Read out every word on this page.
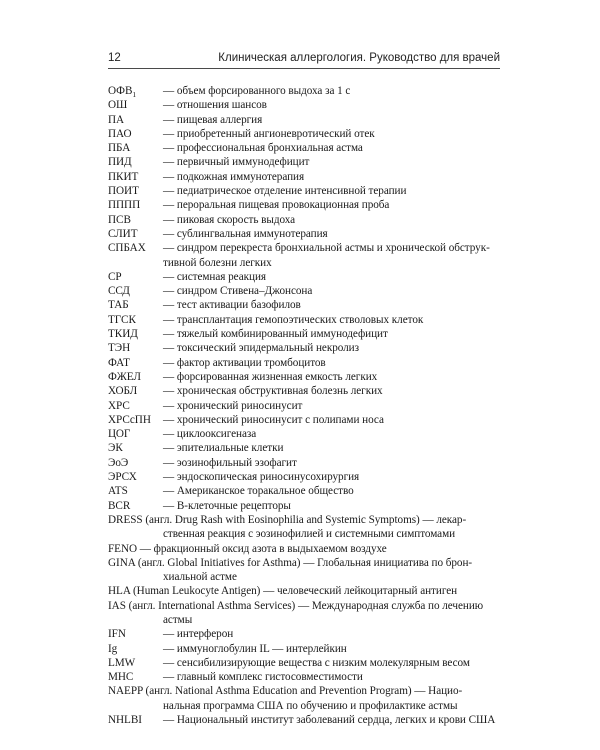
12	Клиническая аллергология. Руководство для врачей
$ОФВ_1$	— объем форсированного выдоха за 1 с
ОШ	— отношения шансов
ПА	— пищевая аллергия
ПАО	— приобретенный ангионевротический отек
ПБА	— профессиональная бронхиальная астма
ПИД	— первичный иммунодефицит
ПКИТ	— подкожная иммунотерапия
ПОИТ	— педиатрическое отделение интенсивной терапии
ПППП	— пероральная пищевая провокационная проба
ПСВ	— пиковая скорость выдоха
СЛИТ	— сублингвальная иммунотерапия
СПБАХ	— синдром перекреста бронхиальной астмы и хронической обструк-
тивной болезни легких
СР	— системная реакция
ССД	— синдром Стивена–Джонсона
ТАБ	— тест активации базофилов
ТГСК	— трансплантация гемопоэтических стволовых клеток
ТКИД	— тяжелый комбинированный иммунодефицит
ТЭН	— токсический эпидермальный некролиз
ФАТ	— фактор активации тромбоцитов
ФЖЕЛ	— форсированная жизненная емкость легких
ХОБЛ	— хроническая обструктивная болезнь легких
ХРС	— хронический риносинусит
ХРСсПН	— хронический риносинусит с полипами носа
ЦОГ	— циклооксигеназа
ЭК	— эпителиальные клетки
ЭоЭ	— эозинофильный эзофагит
ЭРСХ	— эндоскопическая риносинусохирургия
ATS	— Американское торакальное общество
BCR	— В-клеточные рецепторы
DRESS (англ. Drug Rash with Eosinophilia and Systemic Symptoms) — лекар-
ственная реакция с эозинофилией и системными симптомами
FENO — фракционный оксид азота в выдыхаемом воздухе
GINA (англ. Global Initiatives for Asthma) — Глобальная инициатива по брон-
хиальной астме
HLA (Human Leukocyte Antigen) — человеческий лейкоцитарный антиген
IAS (англ. International Asthma Services) — Международная служба по лечению
астмы
IFN	— интерферон
Ig	— иммуноглобулин IL — интерлейкин
LMW	— сенсибилизирующие вещества с низким молекулярным весом
MHC	— главный комплекс гистосовместимости
NAEPP (англ. National Asthma Education and Prevention Program) — Нацио-
нальная программа США по обучению и профилактике астмы
NHLBI	— Национальный институт заболеваний сердца, легких и крови США
